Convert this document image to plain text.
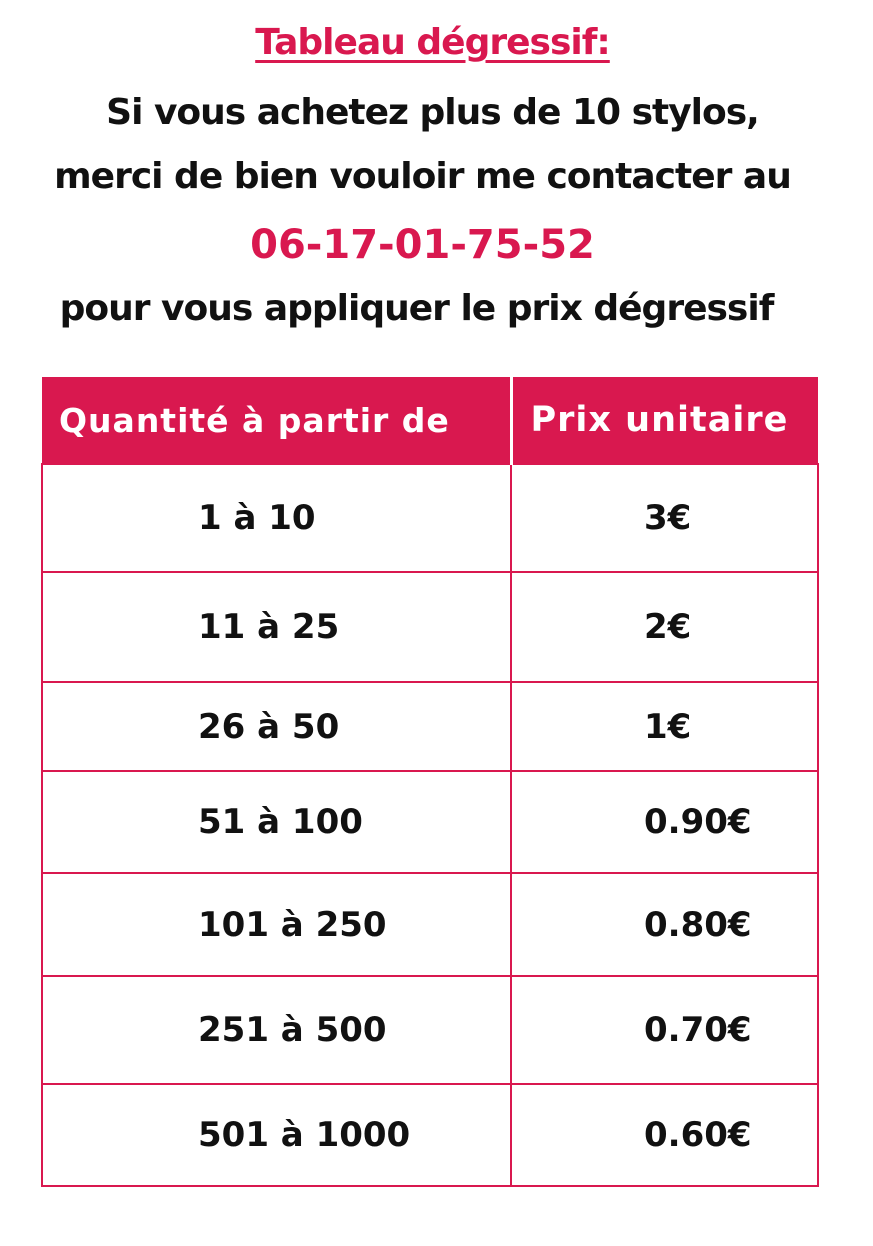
Tableau dégressif:
Si vous achetez plus de 10 stylos,
merci de bien vouloir me contacter au
06-17-01-75-52
pour vous appliquer le prix dégressif
Quantité à partir de	Prix unitaire
1 à 10	3€
11 à 25	2€
26 à 50	1€
51 à 100	0.90€
101 à 250	0.80€
251 à 500	0.70€
501 à 1000	0.60€
